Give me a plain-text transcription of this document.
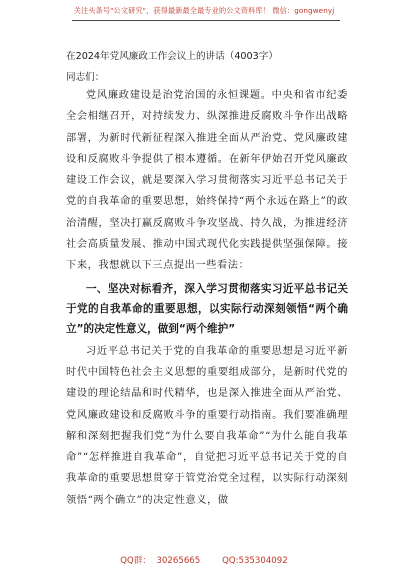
关注头条号"公文研究"，获得最新最全最专业的公文资料库！ 微信：gongwenyj
在2024年党风廉政工作会议上的讲话（4003字）
同志们：

党风廉政建设是治党治国的永恒课题。中央和省市纪委全会相继召开，对持续发力、纵深推进反腐败斗争作出战略部署，为新时代新征程深入推进全面从严治党、党风廉政建设和反腐败斗争提供了根本遵循。在新年伊始召开党风廉政建设工作会议，就是要深入学习贯彻落实习近平总书记关于党的自我革命的重要思想，始终保持“两个永远在路上”的政治清醒，坚决打赢反腐败斗争攻坚战、持久战，为推进经济社会高质量发展、推动中国式现代化实践提供坚强保障。接下来，我想就以下三点提出一些看法：

一、坚决对标看齐，深入学习贯彻落实习近平总书记关于党的自我革命的重要思想，以实际行动深刻领悟“两个确立”的决定性意义，做到“两个维护”

习近平总书记关于党的自我革命的重要思想是习近平新时代中国特色社会主义思想的重要组成部分，是新时代党的建设的理论结晶和时代精华，也是深入推进全面从严治党、党风廉政建设和反腐败斗争的重要行动指南。我们要准确理解和深刻把握我们党“为什么要自我革命”“为什么能自我革命”“怎样推进自我革命”，自觉把习近平总书记关于党的自我革命的重要思想贯穿于管党治党全过程，以实际行动深刻领悟“两个确立”的决定性意义，做

QQ群：  30265665        QQ:535304092
